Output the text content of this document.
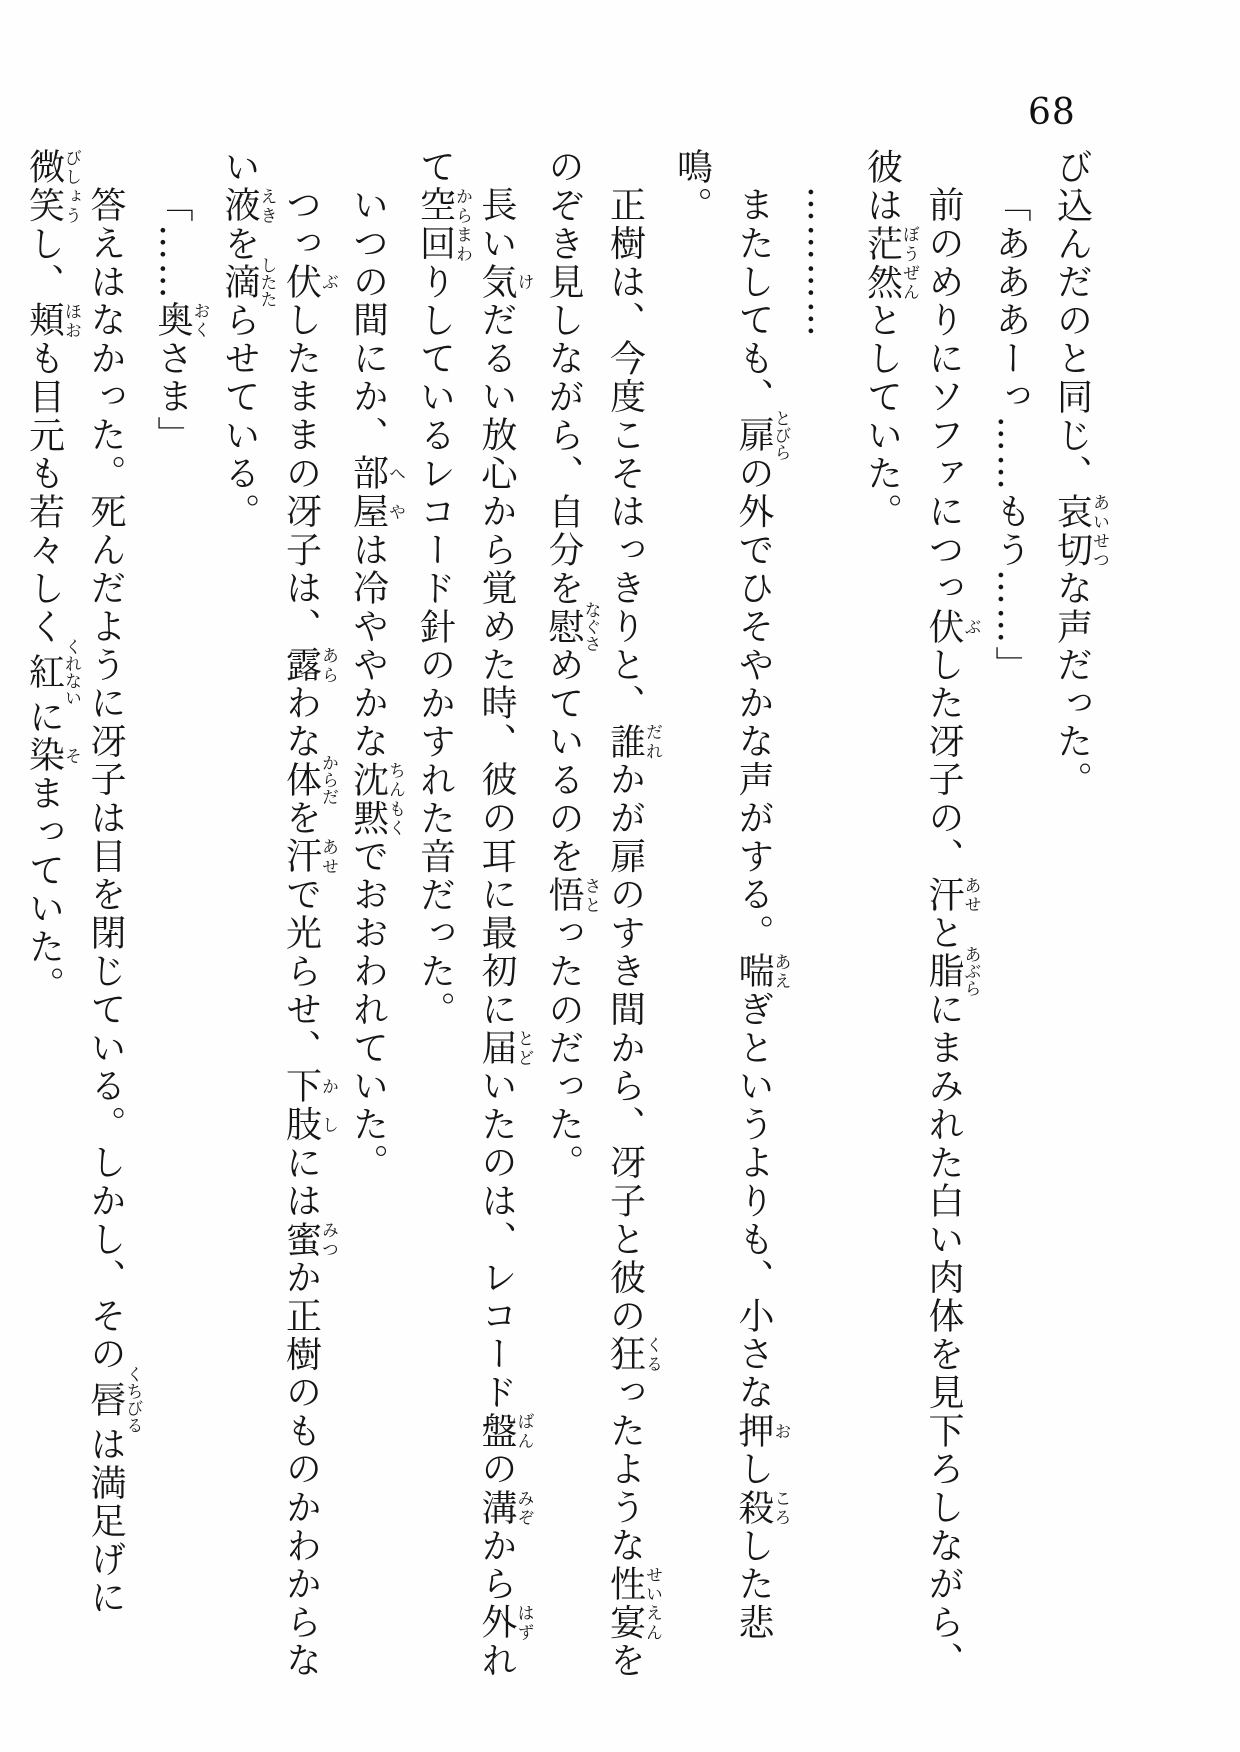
68

び込んだのと同じ、哀切あいせつな声だった。

「あああーっ……もう……」

前のめりにソファにつっ伏ぶした冴子の、汗あせと脂あぶらにまみれた白い肉体を見下ろしながら、彼は茫然ぼうぜんとしていた。

…………

またしても、扉とびらの外でひそやかな声がする。喘あえぎというよりも、小さな押おし殺ころした悲鳴。

正樹は、今度こそはっきりと、誰だれかが扉のすき間から、冴子と彼の狂くるったような性宴せいえんをのぞき見しながら、自分を慰なぐさめているのを悟さとったのだった。

長い気けだるい放心から覚めた時、彼の耳に最初に届とどいたのは、レコード盤ばんの溝みぞから外はずれて空回からまわりしているレコード針のかすれた音だった。

いつの間にか、部屋へやは冷ややかな沈黙ちんもくでおおわれていた。

つっ伏ぶしたままの冴子は、露あらわな体からだを汗あせで光らせ、下肢かしには蜜みつか正樹のものかわからない液えきを滴したたらせている。

「……奥おくさま」

答えはなかった。死んだように冴子は目を閉じている。しかし、その唇くちびるは満足げに微笑びしょうし、頬ほおも目元も若々しく紅くれないに染そまっていた。
